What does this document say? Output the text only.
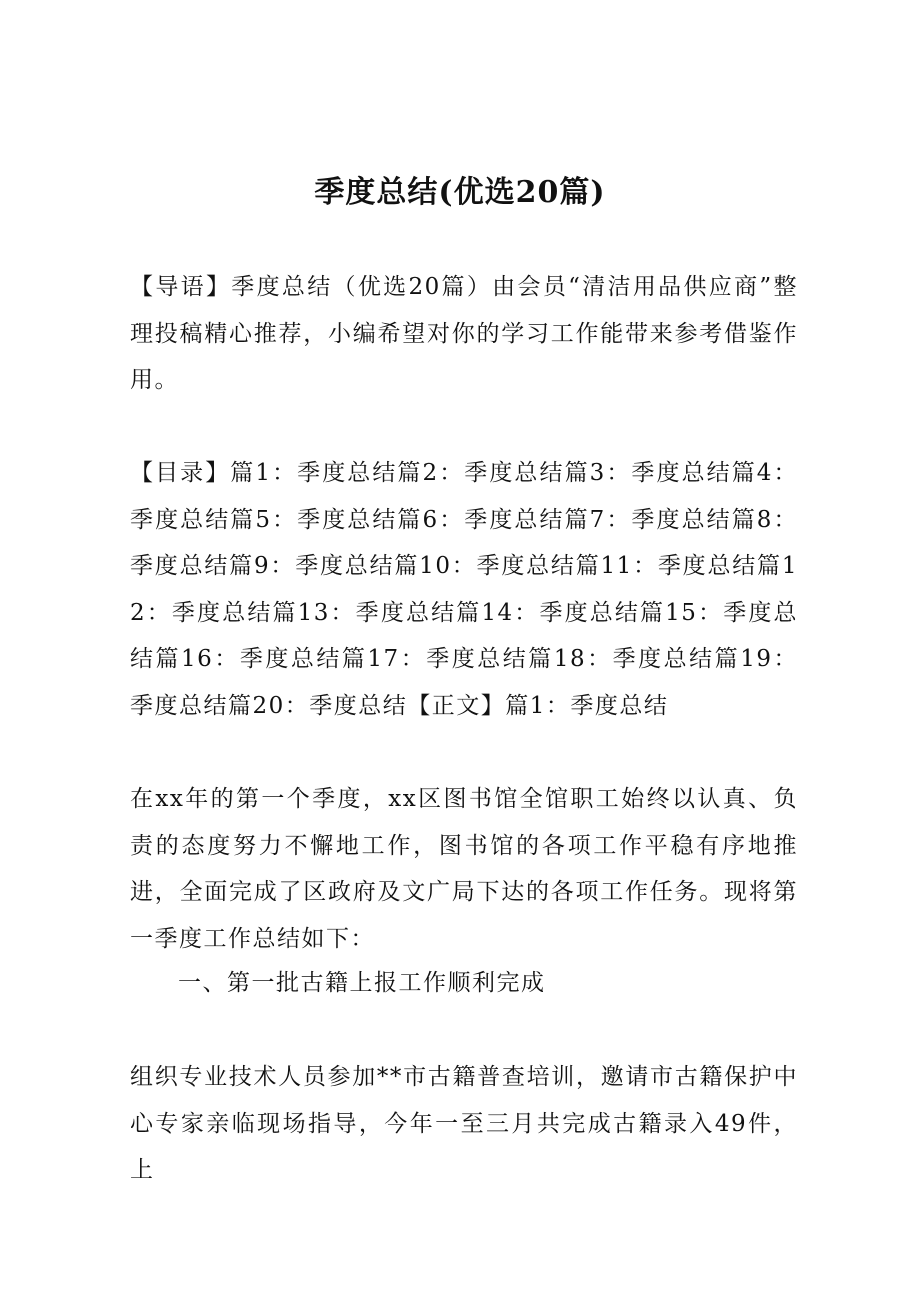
季度总结(优选20篇)
【导语】季度总结（优选20篇）由会员“清洁用品供应商”整理投稿精心推荐，小编希望对你的学习工作能带来参考借鉴作用。
【目录】篇1：季度总结篇2：季度总结篇3：季度总结篇4：季度总结篇5：季度总结篇6：季度总结篇7：季度总结篇8：季度总结篇9：季度总结篇10：季度总结篇11：季度总结篇12：季度总结篇13：季度总结篇14：季度总结篇15：季度总结篇16：季度总结篇17：季度总结篇18：季度总结篇19：季度总结篇20：季度总结【正文】篇1：季度总结
在xx年的第一个季度，xx区图书馆全馆职工始终以认真、负责的态度努力不懈地工作，图书馆的各项工作平稳有序地推进，全面完成了区政府及文广局下达的各项工作任务。现将第一季度工作总结如下：
一、第一批古籍上报工作顺利完成
组织专业技术人员参加**市古籍普查培训，邀请市古籍保护中心专家亲临现场指导，今年一至三月共完成古籍录入49件，上
